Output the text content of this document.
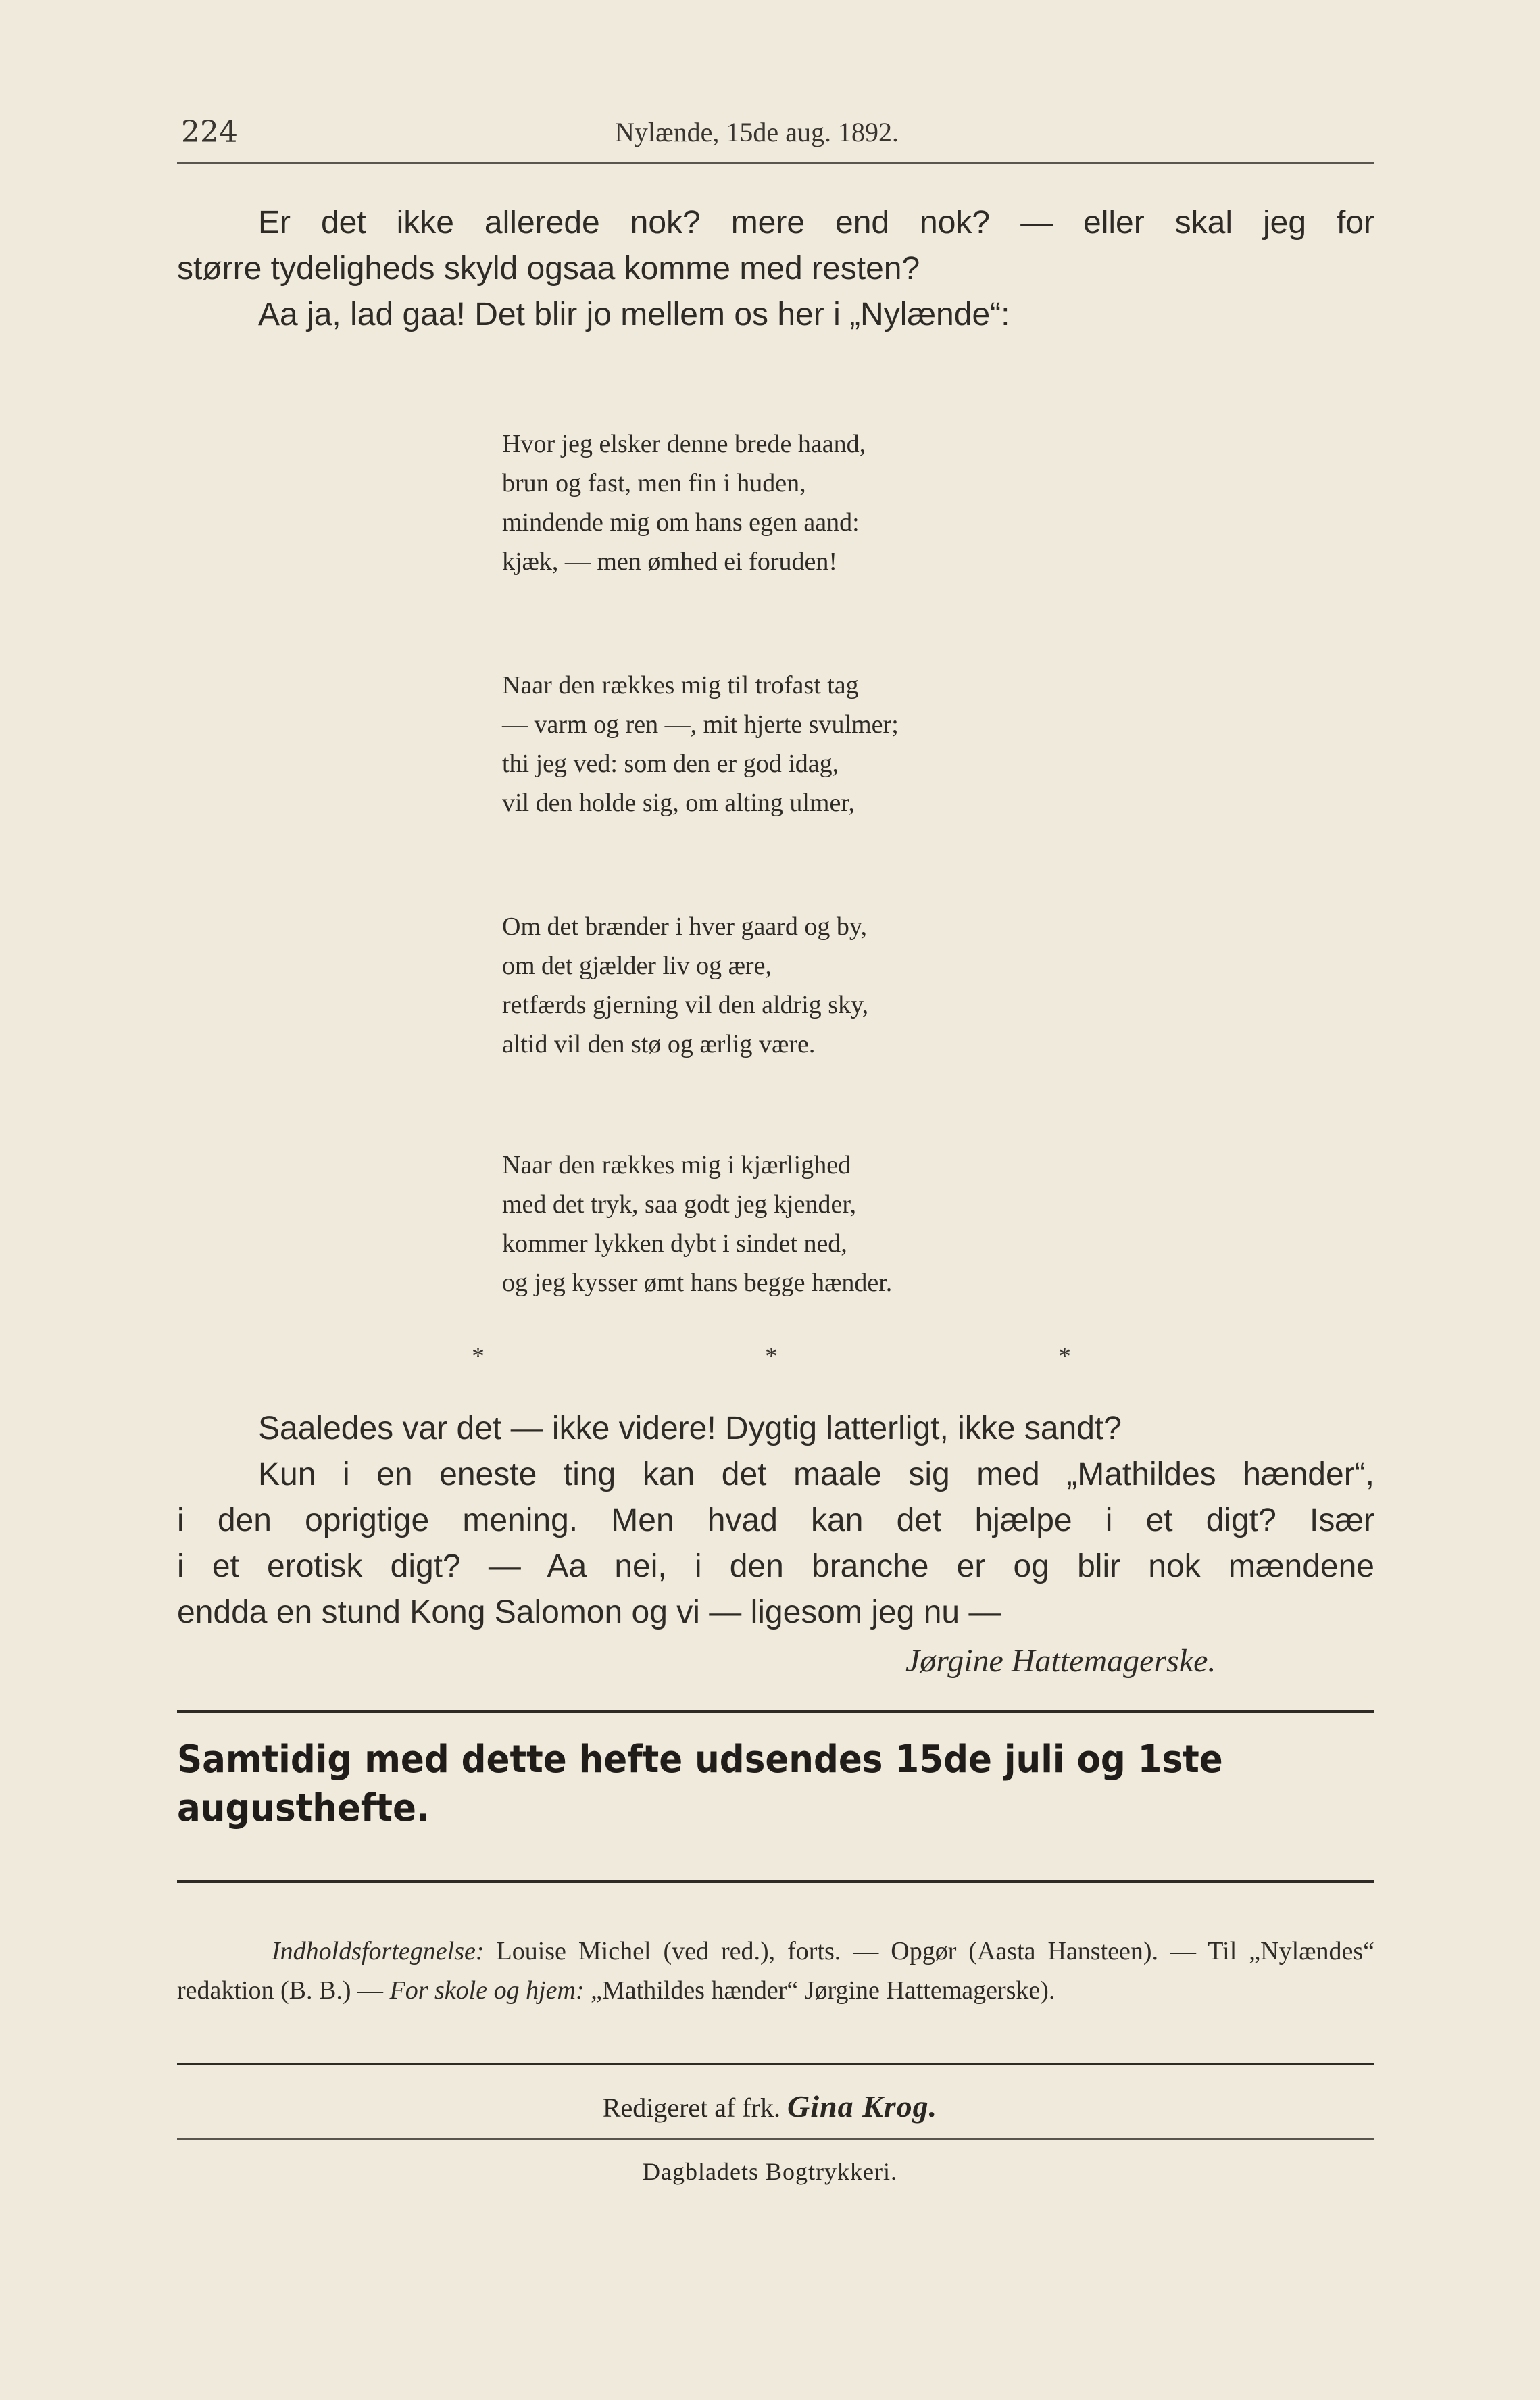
224	Nylænde, 15de aug. 1892.

Er det ikke allerede nok? mere end nok? — eller skal jeg for

større tydeligheds skyld ogsaa komme med resten?

Aa ja, lad gaa! Det blir jo mellem os her i „Nylænde“:

Hvor jeg elsker denne brede haand,
brun og fast, men fin i huden,
mindende mig om hans egen aand:
kjæk, — men ømhed ei foruden!
Naar den rækkes mig til trofast tag
— varm og ren —, mit hjerte svulmer;
thi jeg ved: som den er god idag,
vil den holde sig, om alting ulmer,
Om det brænder i hver gaard og by,
om det gjælder liv og ære,
retfærds gjerning vil den aldrig sky,
altid vil den stø og ærlig være.
Naar den rækkes mig i kjærlighed
med det tryk, saa godt jeg kjender,
kommer lykken dybt i sindet ned,
og jeg kysser ømt hans begge hænder.
*	*	*

Saaledes var det — ikke videre! Dygtig latterligt, ikke sandt?

Kun i en eneste ting kan det maale sig med „Mathildes hænder“,

i den oprigtige mening. Men hvad kan det hjælpe i et digt? Især

i et erotisk digt? — Aa nei, i den branche er og blir nok mændene

endda en stund Kong Salomon og vi — ligesom jeg nu —

Jørgine Hattemagerske.
Samtidig med dette hefte udsendes 15de juli og 1ste augusthefte.
Indholdsfortegnelse: Louise Michel (ved red.), forts. — Opgør (Aasta Hansteen). — Til „Nylændes“ redaktion (B. B.) — For skole og hjem: „Mathildes hænder“ Jørgine Hattemagerske).
Redigeret af frk. Gina Krog.
Dagbladets Bogtrykkeri.
